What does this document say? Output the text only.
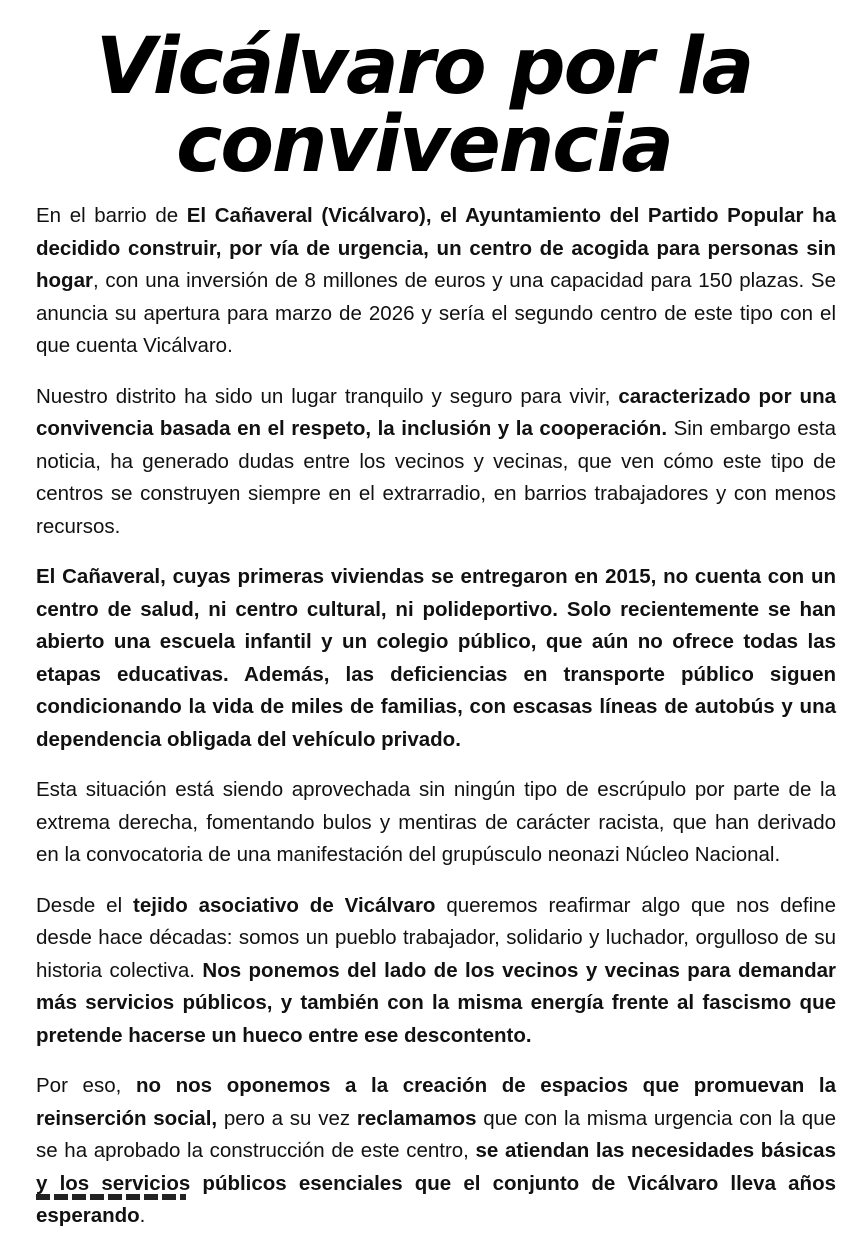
Vicálvaro por la
convivencia

En el barrio de El Cañaveral (Vicálvaro), el Ayuntamiento del Partido Popular ha decidido construir, por vía de urgencia, un centro de acogida para personas sin hogar, con una inversión de 8 millones de euros y una capacidad para 150 plazas. Se anuncia su apertura para marzo de 2026 y sería el segundo centro de este tipo con el que cuenta Vicálvaro.

Nuestro distrito ha sido un lugar tranquilo y seguro para vivir, caracterizado por una convivencia basada en el respeto, la inclusión y la cooperación. Sin embargo esta noticia, ha generado dudas entre los vecinos y vecinas, que ven cómo este tipo de centros se construyen siempre en el extrarradio, en barrios trabajadores y con menos recursos.

El Cañaveral, cuyas primeras viviendas se entregaron en 2015, no cuenta con un centro de salud, ni centro cultural, ni polideportivo. Solo recientemente se han abierto una escuela infantil y un colegio público, que aún no ofrece todas las etapas educativas. Además, las deficiencias en transporte público siguen condicionando la vida de miles de familias, con escasas líneas de autobús y una dependencia obligada del vehículo privado.

Esta situación está siendo aprovechada sin ningún tipo de escrúpulo por parte de la extrema derecha, fomentando bulos y mentiras de carácter racista, que han derivado en la convocatoria de una manifestación del grupúsculo neonazi Núcleo Nacional.

Desde el tejido asociativo de Vicálvaro queremos reafirmar algo que nos define desde hace décadas: somos un pueblo trabajador, solidario y luchador, orgulloso de su historia colectiva. Nos ponemos del lado de los vecinos y vecinas para demandar más servicios públicos, y también con la misma energía frente al fascismo que pretende hacerse un hueco entre ese descontento.

Por eso, no nos oponemos a la creación de espacios que promuevan la reinserción social, pero a su vez reclamamos que con la misma urgencia con la que se ha aprobado la construcción de este centro, se atiendan las necesidades básicas y los servicios públicos esenciales que el conjunto de Vicálvaro lleva años esperando.
